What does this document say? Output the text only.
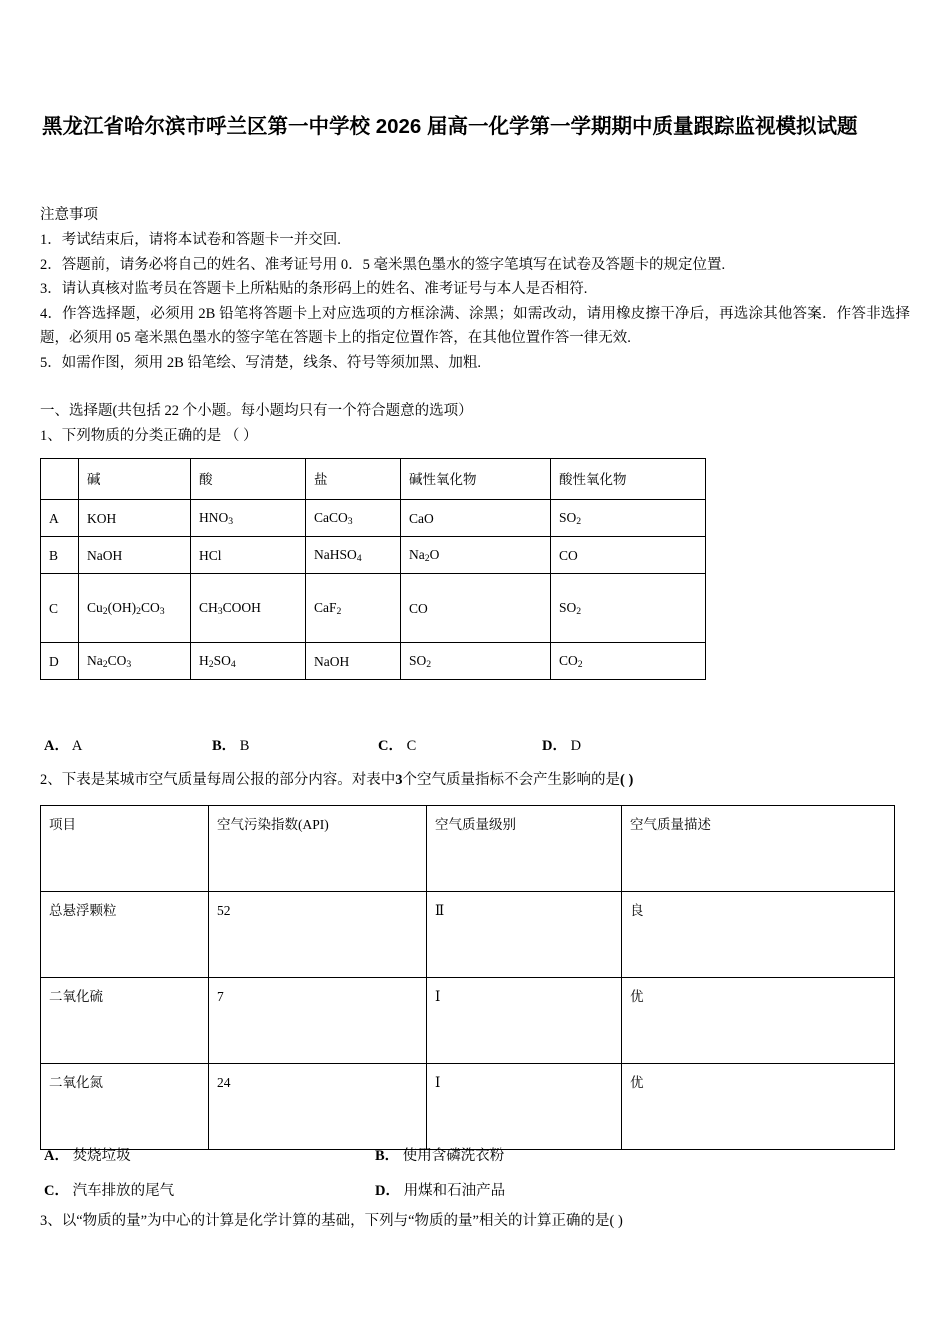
黑龙江省哈尔滨市呼兰区第一中学校 2026 届高一化学第一学期期中质量跟踪监视模拟试题
注意事项
1．考试结束后，请将本试卷和答题卡一并交回.
2．答题前，请务必将自己的姓名、准考证号用 0．5 毫米黑色墨水的签字笔填写在试卷及答题卡的规定位置.
3．请认真核对监考员在答题卡上所粘贴的条形码上的姓名、准考证号与本人是否相符.
4．作答选择题，必须用 2B 铅笔将答题卡上对应选项的方框涂满、涂黑；如需改动，请用橡皮擦干净后，再选涂其他答案．作答非选择题，必须用 05 毫米黑色墨水的签字笔在答题卡上的指定位置作答，在其他位置作答一律无效.
5．如需作图，须用 2B 铅笔绘、写清楚，线条、符号等须加黑、加粗.
一、选择题(共包括 22 个小题。每小题均只有一个符合题意的选项）
1、下列物质的分类正确的是 （ ）
	碱	酸	盐	碱性氧化物	酸性氧化物
A	KOH	$HNO_3$	CaCO$_3$	CaO	$SO_2$
B	NaOH	HCl	NaHSO$_4$	$Na_2O$	CO
C	$Cu_2(OH)_2CO_3$	$CH_3COOH$	CaF$_2$	CO	$SO_2$
D	$Na_2CO_3$	$H_2SO_4$	NaOH	$SO_2$	$CO_2$
A． A	B． B	C． C	D． D
2、下表是某城市空气质量每周公报的部分内容。对表中3个空气质量指标不会产生影响的是( )
项目	空气污染指数(API)	空气质量级别	空气质量描述
总悬浮颗粒	52	Ⅱ	良
二氧化硫	7	Ⅰ	优
二氧化氮	24	Ⅰ	优
A． 焚烧垃圾	B． 使用含磷洗衣粉
C． 汽车排放的尾气	D． 用煤和石油产品
3、以“物质的量”为中心的计算是化学计算的基础，下列与“物质的量”相关的计算正确的是( )
